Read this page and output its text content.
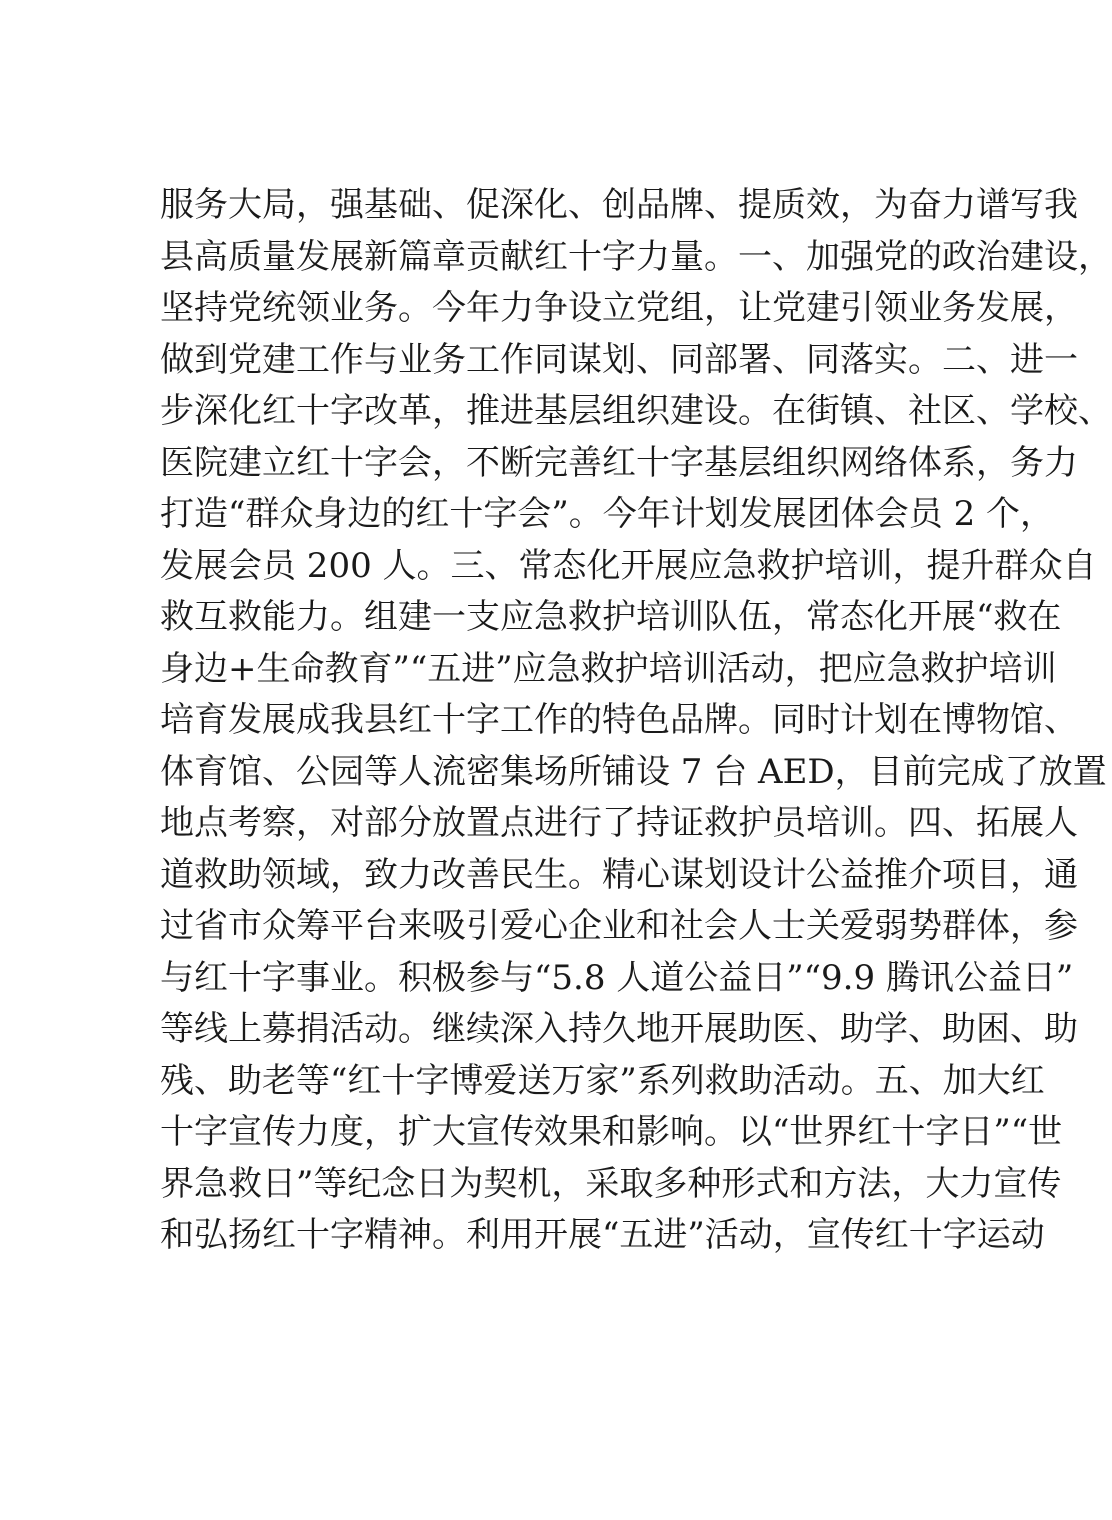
服务大局，强基础、促深化、创品牌、提质效，为奋力谱写我
县高质量发展新篇章贡献红十字力量。一、加强党的政治建设，
坚持党统领业务。今年力争设立党组，让党建引领业务发展，
做到党建工作与业务工作同谋划、同部署、同落实。二、进一
步深化红十字改革，推进基层组织建设。在街镇、社区、学校、
医院建立红十字会，不断完善红十字基层组织网络体系，务力
打造“群众身边的红十字会”。今年计划发展团体会员 2 个，
发展会员 200 人。三、常态化开展应急救护培训，提升群众自
救互救能力。组建一支应急救护培训队伍，常态化开展“救在
身边+生命教育”“五进”应急救护培训活动，把应急救护培训
培育发展成我县红十字工作的特色品牌。同时计划在博物馆、
体育馆、公园等人流密集场所铺设 7 台 AED，目前完成了放置
地点考察，对部分放置点进行了持证救护员培训。四、拓展人
道救助领域，致力改善民生。精心谋划设计公益推介项目，通
过省市众筹平台来吸引爱心企业和社会人士关爱弱势群体，参
与红十字事业。积极参与“5.8 人道公益日”“9.9 腾讯公益日”
等线上募捐活动。继续深入持久地开展助医、助学、助困、助
残、助老等“红十字博爱送万家”系列救助活动。五、加大红
十字宣传力度，扩大宣传效果和影响。以“世界红十字日”“世
界急救日”等纪念日为契机，采取多种形式和方法，大力宣传
和弘扬红十字精神。利用开展“五进”活动，宣传红十字运动
